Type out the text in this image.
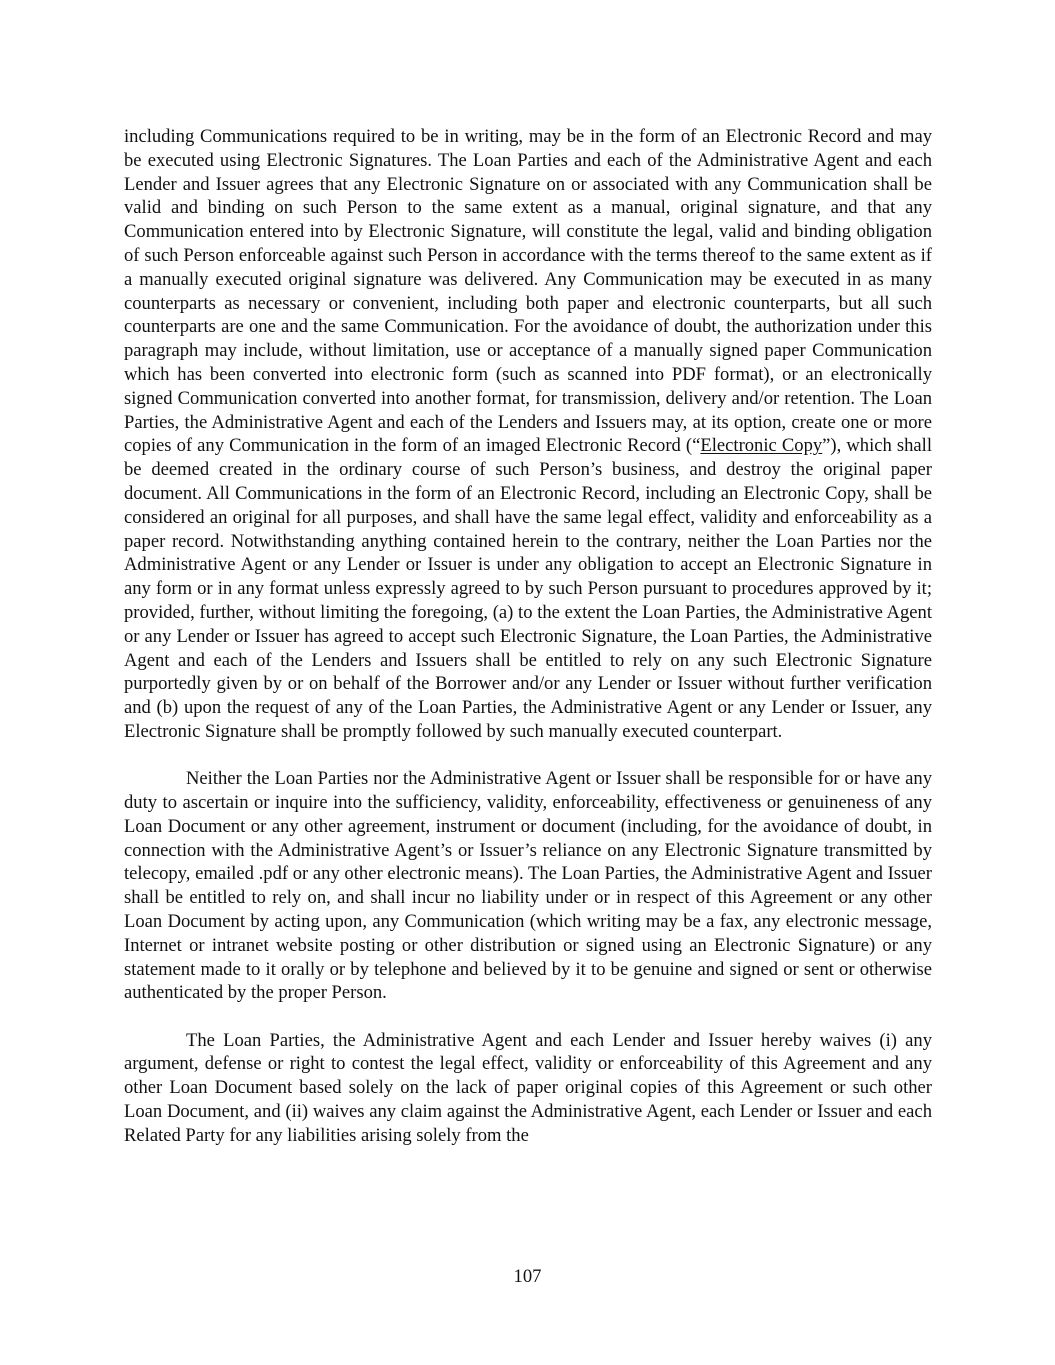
including Communications required to be in writing, may be in the form of an Electronic Record and may be executed using Electronic Signatures. The Loan Parties and each of the Administrative Agent and each Lender and Issuer agrees that any Electronic Signature on or associated with any Communication shall be valid and binding on such Person to the same extent as a manual, original signature, and that any Communication entered into by Electronic Signature, will constitute the legal, valid and binding obligation of such Person enforceable against such Person in accordance with the terms thereof to the same extent as if a manually executed original signature was delivered. Any Communication may be executed in as many counterparts as necessary or convenient, including both paper and electronic counterparts, but all such counterparts are one and the same Communication. For the avoidance of doubt, the authorization under this paragraph may include, without limitation, use or acceptance of a manually signed paper Communication which has been converted into electronic form (such as scanned into PDF format), or an electronically signed Communication converted into another format, for transmission, delivery and/or retention. The Loan Parties, the Administrative Agent and each of the Lenders and Issuers may, at its option, create one or more copies of any Communication in the form of an imaged Electronic Record (“Electronic Copy”), which shall be deemed created in the ordinary course of such Person’s business, and destroy the original paper document. All Communications in the form of an Electronic Record, including an Electronic Copy, shall be considered an original for all purposes, and shall have the same legal effect, validity and enforceability as a paper record. Notwithstanding anything contained herein to the contrary, neither the Loan Parties nor the Administrative Agent or any Lender or Issuer is under any obligation to accept an Electronic Signature in any form or in any format unless expressly agreed to by such Person pursuant to procedures approved by it; provided, further, without limiting the foregoing, (a) to the extent the Loan Parties, the Administrative Agent or any Lender or Issuer has agreed to accept such Electronic Signature, the Loan Parties, the Administrative Agent and each of the Lenders and Issuers shall be entitled to rely on any such Electronic Signature purportedly given by or on behalf of the Borrower and/or any Lender or Issuer without further verification and (b) upon the request of any of the Loan Parties, the Administrative Agent or any Lender or Issuer, any Electronic Signature shall be promptly followed by such manually executed counterpart.

Neither the Loan Parties nor the Administrative Agent or Issuer shall be responsible for or have any duty to ascertain or inquire into the sufficiency, validity, enforceability, effectiveness or genuineness of any Loan Document or any other agreement, instrument or document (including, for the avoidance of doubt, in connection with the Administrative Agent’s or Issuer’s reliance on any Electronic Signature transmitted by telecopy, emailed .pdf or any other electronic means). The Loan Parties, the Administrative Agent and Issuer shall be entitled to rely on, and shall incur no liability under or in respect of this Agreement or any other Loan Document by acting upon, any Communication (which writing may be a fax, any electronic message, Internet or intranet website posting or other distribution or signed using an Electronic Signature) or any statement made to it orally or by telephone and believed by it to be genuine and signed or sent or otherwise authenticated by the proper Person.

The Loan Parties, the Administrative Agent and each Lender and Issuer hereby waives (i) any argument, defense or right to contest the legal effect, validity or enforceability of this Agreement and any other Loan Document based solely on the lack of paper original copies of this Agreement or such other Loan Document, and (ii) waives any claim against the Administrative Agent, each Lender or Issuer and each Related Party for any liabilities arising solely from the

107
